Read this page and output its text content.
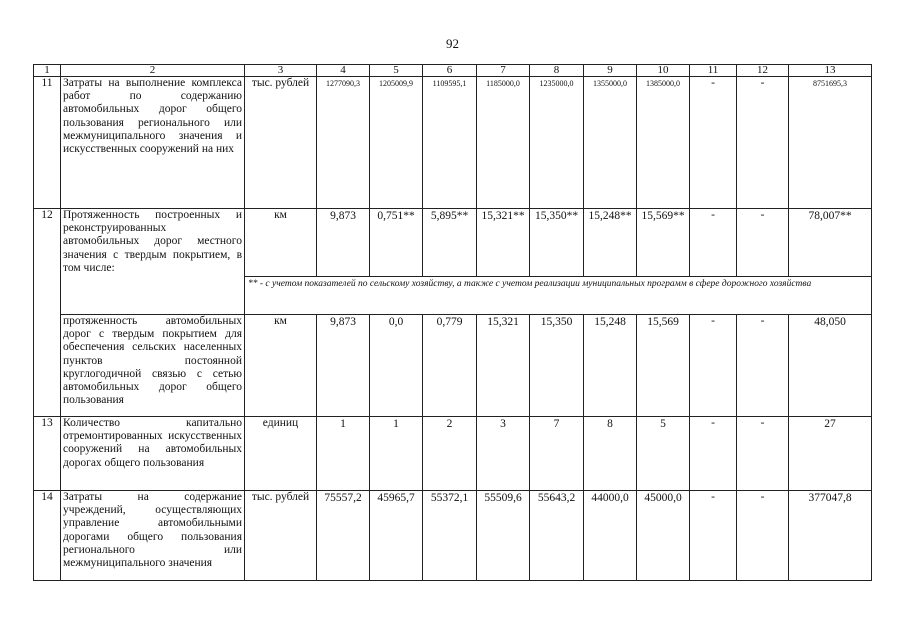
92
1	2	3	4	5	6	7	8	9	10	11	12	13
11	Затраты на выполнение комплекса работ по содержанию автомобильных дорог общего пользования регионального или межмуниципального значения и искусственных сооружений на них	тыс. рублей	1277090,3	1205009,9	1109595,1	1185000,0	1235000,0	1355000,0	1385000,0	-	-	8751695,3
12	Протяженность построенных и реконструированных автомобильных дорог местного значения с твердым покрытием, в том числе:	км	9,873	0,751**	5,895**	15,321**	15,350**	15,248**	15,569**	-	-	78,007**
		** - с учетом показателей по сельскому хозяйству, а также с учетом реализации муниципальных программ в сфере дорожного хозяйства										
	протяженность автомобильных дорог с твердым покрытием для обеспечения сельских населенных пунктов постоянной круглогодичной связью с сетью автомобильных дорог общего пользования	км	9,873	0,0	0,779	15,321	15,350	15,248	15,569	-	-	48,050
13	Количество капитально отремонтированных искусственных сооружений на автомобильных дорогах общего пользования	единиц	1	1	2	3	7	8	5	-	-	27
14	Затраты на содержание учреждений, осуществляющих управление автомобильными дорогами общего пользования регионального или межмуниципального значения	тыс. рублей	75557,2	45965,7	55372,1	55509,6	55643,2	44000,0	45000,0	-	-	377047,8
